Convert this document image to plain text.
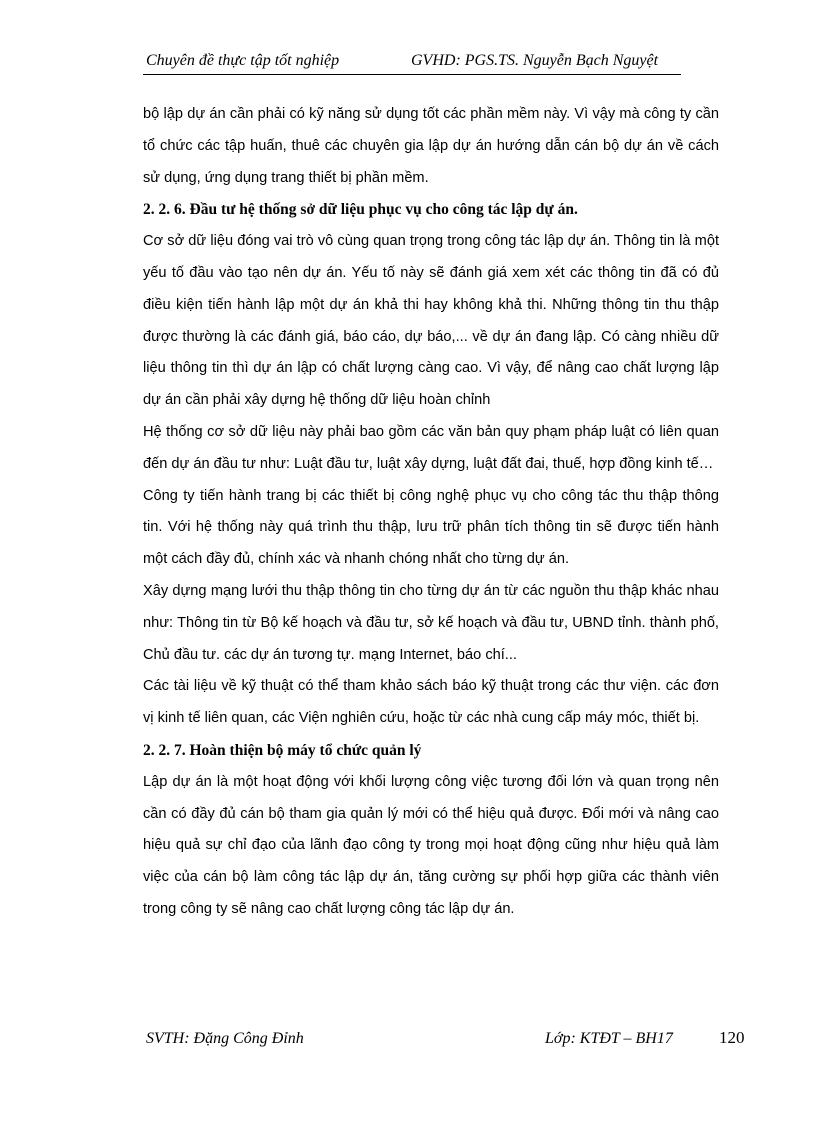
Chuyên đề thực tập tốt nghiệp	GVHD: PGS.TS. Nguyễn Bạch Nguyệt

bộ lập dự án cần phải có kỹ năng sử dụng tốt các phần mềm này. Vì vậy mà công ty cần tổ chức các tập huấn, thuê các chuyên gia lập dự án hướng dẫn cán bộ dự án về cách sử dụng, ứng dụng trang thiết bị phần mềm.

2. 2. 6. Đầu tư hệ thống sở dữ liệu phục vụ cho công tác lập dự án.

Cơ sở dữ liệu đóng vai trò vô cùng quan trọng trong công tác lập dự án. Thông tin là một yếu tố đầu vào tạo nên dự án. Yếu tố này sẽ đánh giá xem xét các thông tin đã có đủ điều kiện tiến hành lập một dự án khả thi hay không khả thi. Những thông tin thu thập được thường là các đánh giá, báo cáo, dự báo,... về dự án đang lập. Có càng nhiều dữ liệu thông tin thì dự án lập có chất lượng càng cao. Vì vậy, để nâng cao chất lượng lập dự án cần phải xây dựng hệ thống dữ liệu hoàn chỉnh

Hệ thống cơ sở dữ liệu này phải bao gồm các văn bản quy phạm pháp luật có liên quan đến dự án đầu tư như: Luật đầu tư, luật xây dựng, luật đất đai, thuế, hợp đồng kinh tế…

Công ty tiến hành trang bị các thiết bị công nghệ phục vụ cho công tác thu thập thông tin. Với hệ thống này quá trình thu thập, lưu trữ phân tích thông tin sẽ được tiến hành một cách đầy đủ, chính xác và nhanh chóng nhất cho từng dự án.

Xây dựng mạng lưới thu thập thông tin cho từng dự án từ các nguồn thu thập khác nhau như: Thông tin từ Bộ kế hoạch và đầu tư, sở kế hoạch và đầu tư, UBND tỉnh. thành phố, Chủ đầu tư. các dự án tương tự. mạng Internet, báo chí...

Các tài liệu về kỹ thuật có thể tham khảo sách báo kỹ thuật trong các thư viện. các đơn vị kinh tế liên quan, các Viện nghiên cứu, hoặc từ các nhà cung cấp máy móc, thiết bị.

2. 2. 7. Hoàn thiện bộ máy tổ chức quản lý

Lập dự án là một hoạt động với khối lượng công việc tương đối lớn và quan trọng nên cần có đầy đủ cán bộ tham gia quản lý mới có thể hiệu quả được. Đổi mới và nâng cao hiệu quả sự chỉ đạo của lãnh đạo công ty trong mọi hoạt động cũng như hiệu quả làm việc của cán bộ làm công tác lập dự án, tăng cường sự phối hợp giữa các thành viên trong công ty sẽ nâng cao chất lượng công tác lập dự án.

SVTH: Đặng Công Đỉnh	Lớp: KTĐT – BH17	120
